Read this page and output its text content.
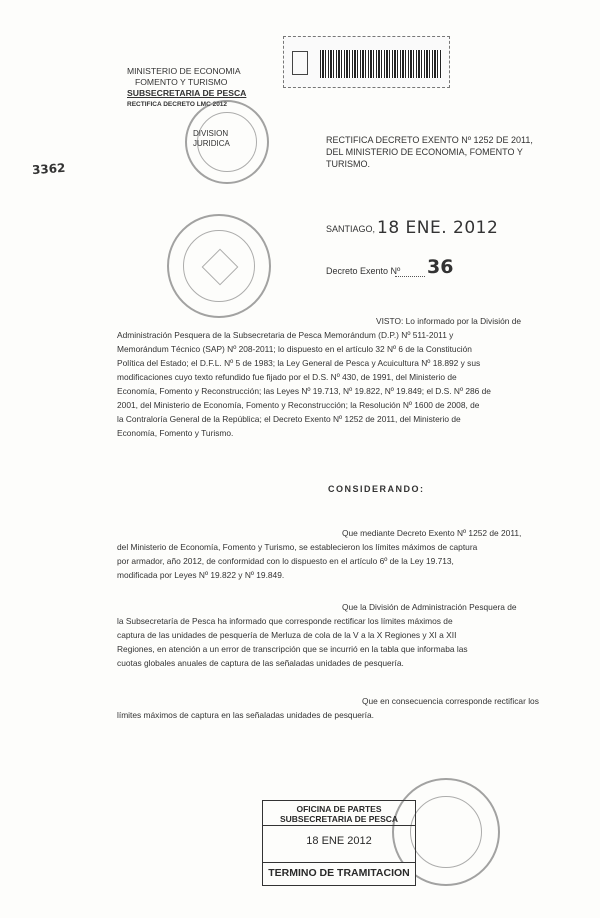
3362
MINISTERIO DE ECONOMIA
FOMENTO Y TURISMO
SUBSECRETARIA DE PESCA
RECTIFICA DECRETO LMC 2012
DIVISION
JURIDICA	RECTIFICA DECRETO EXENTO Nº 1252 DE 2011,
DEL MINISTERIO DE ECONOMIA, FOMENTO Y
TURISMO.
SANTIAGO, 18 ENE. 2012
Decreto Exento Nº 36
VISTO: Lo informado por la División de
Administración Pesquera de la Subsecretaria de Pesca Memorándum (D.P.) Nº 511-2011 y
Memorándum Técnico (SAP) Nº 208-2011; lo dispuesto en el artículo 32 Nº 6 de la Constitución
Política del Estado; el D.F.L. Nº 5 de 1983; la Ley General de Pesca y Acuicultura Nº 18.892 y sus
modificaciones cuyo texto refundido fue fijado por el D.S. Nº 430, de 1991, del Ministerio de
Economía, Fomento y Reconstrucción; las Leyes Nº 19.713, Nº 19.822, Nº 19.849; el D.S. Nº 286 de
2001, del Ministerio de Economía, Fomento y Reconstrucción; la Resolución Nº 1600 de 2008, de
la Contraloría General de la República; el Decreto Exento Nº 1252 de 2011, del Ministerio de
Economía, Fomento y Turismo.
CONSIDERANDO:
Que mediante Decreto Exento Nº 1252 de 2011,
del Ministerio de Economía, Fomento y Turismo, se establecieron los límites máximos de captura
por armador, año 2012, de conformidad con lo dispuesto en el artículo 6º de la Ley 19.713,
modificada por Leyes Nº 19.822 y Nº 19.849.
Que la División de Administración Pesquera de
la Subsecretaría de Pesca ha informado que corresponde rectificar los límites máximos de
captura de las unidades de pesquería de Merluza de cola de la V a la X Regiones y XI a XII
Regiones, en atención a un error de transcripción que se incurrió en la tabla que informaba las
cuotas globales anuales de captura de las señaladas unidades de pesquería.
Que en consecuencia corresponde rectificar los
límites máximos de captura en las señaladas unidades de pesquería.
OFICINA DE PARTES
SUBSECRETARIA DE PESCA
18 ENE 2012
TERMINO DE TRAMITACION
